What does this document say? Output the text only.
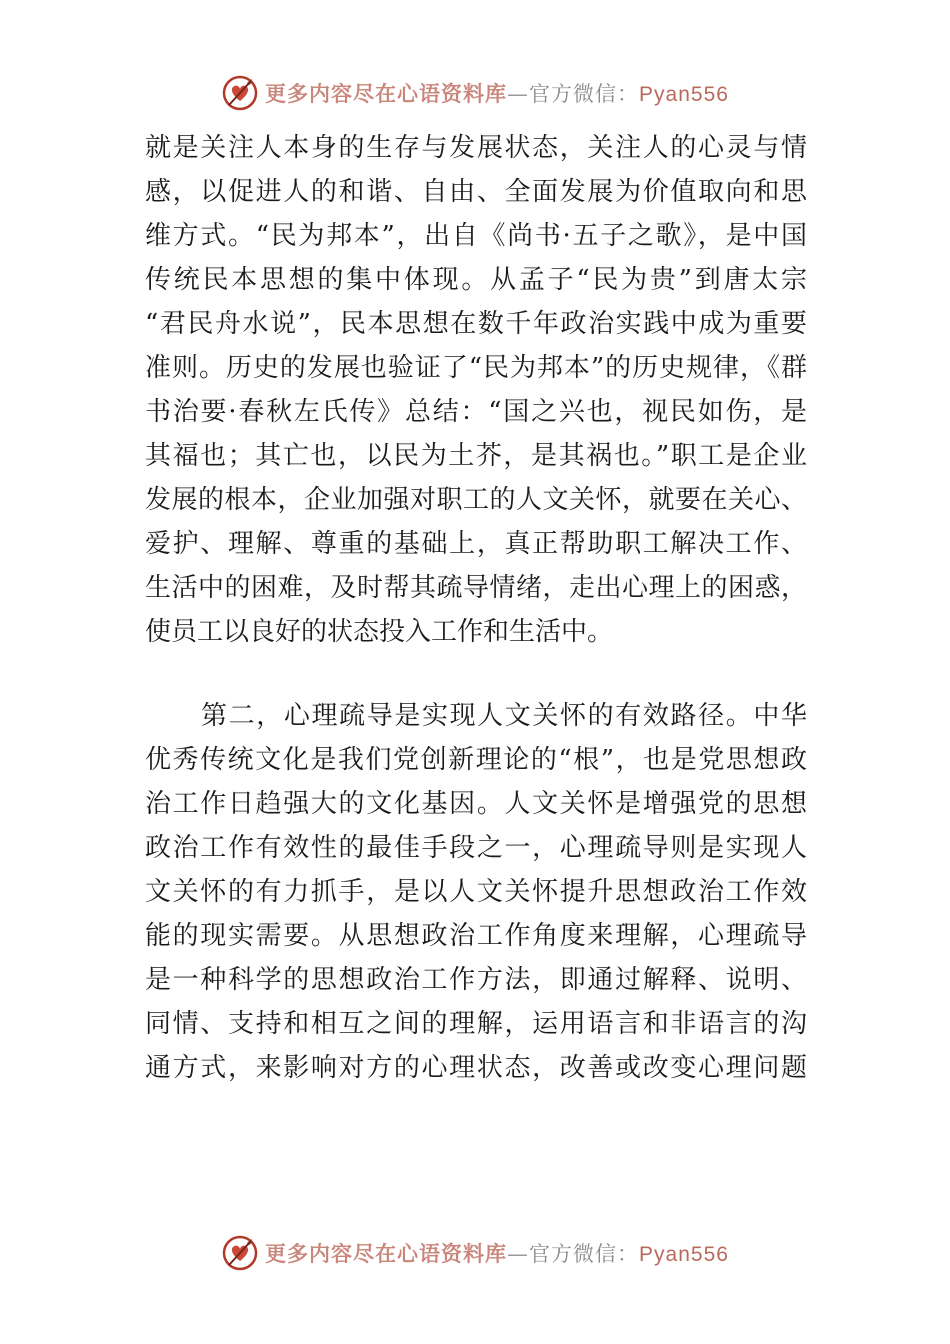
更多内容尽在心语资料库—官方微信：Pyan556
就是关注人本身的生存与发展状态，关注人的心灵与情
感，以促进人的和谐、自由、全面发展为价值取向和思
维方式。“民为邦本”，出自《尚书·五子之歌》，是中国
传统民本思想的集中体现。从孟子“民为贵”到唐太宗
“君民舟水说”，民本思想在数千年政治实践中成为重要
准则。历史的发展也验证了“民为邦本”的历史规律，《群
书治要·春秋左氏传》总结：“国之兴也，视民如伤，是
其福也；其亡也，以民为土芥，是其祸也。”职工是企业
发展的根本，企业加强对职工的人文关怀，就要在关心、
爱护、理解、尊重的基础上，真正帮助职工解决工作、
生活中的困难，及时帮其疏导情绪，走出心理上的困惑，
使员工以良好的状态投入工作和生活中。
第二，心理疏导是实现人文关怀的有效路径。中华
优秀传统文化是我们党创新理论的“根”，也是党思想政
治工作日趋强大的文化基因。人文关怀是增强党的思想
政治工作有效性的最佳手段之一，心理疏导则是实现人
文关怀的有力抓手，是以人文关怀提升思想政治工作效
能的现实需要。从思想政治工作角度来理解，心理疏导
是一种科学的思想政治工作方法，即通过解释、说明、
同情、支持和相互之间的理解，运用语言和非语言的沟
通方式，来影响对方的心理状态，改善或改变心理问题
更多内容尽在心语资料库—官方微信：Pyan556
